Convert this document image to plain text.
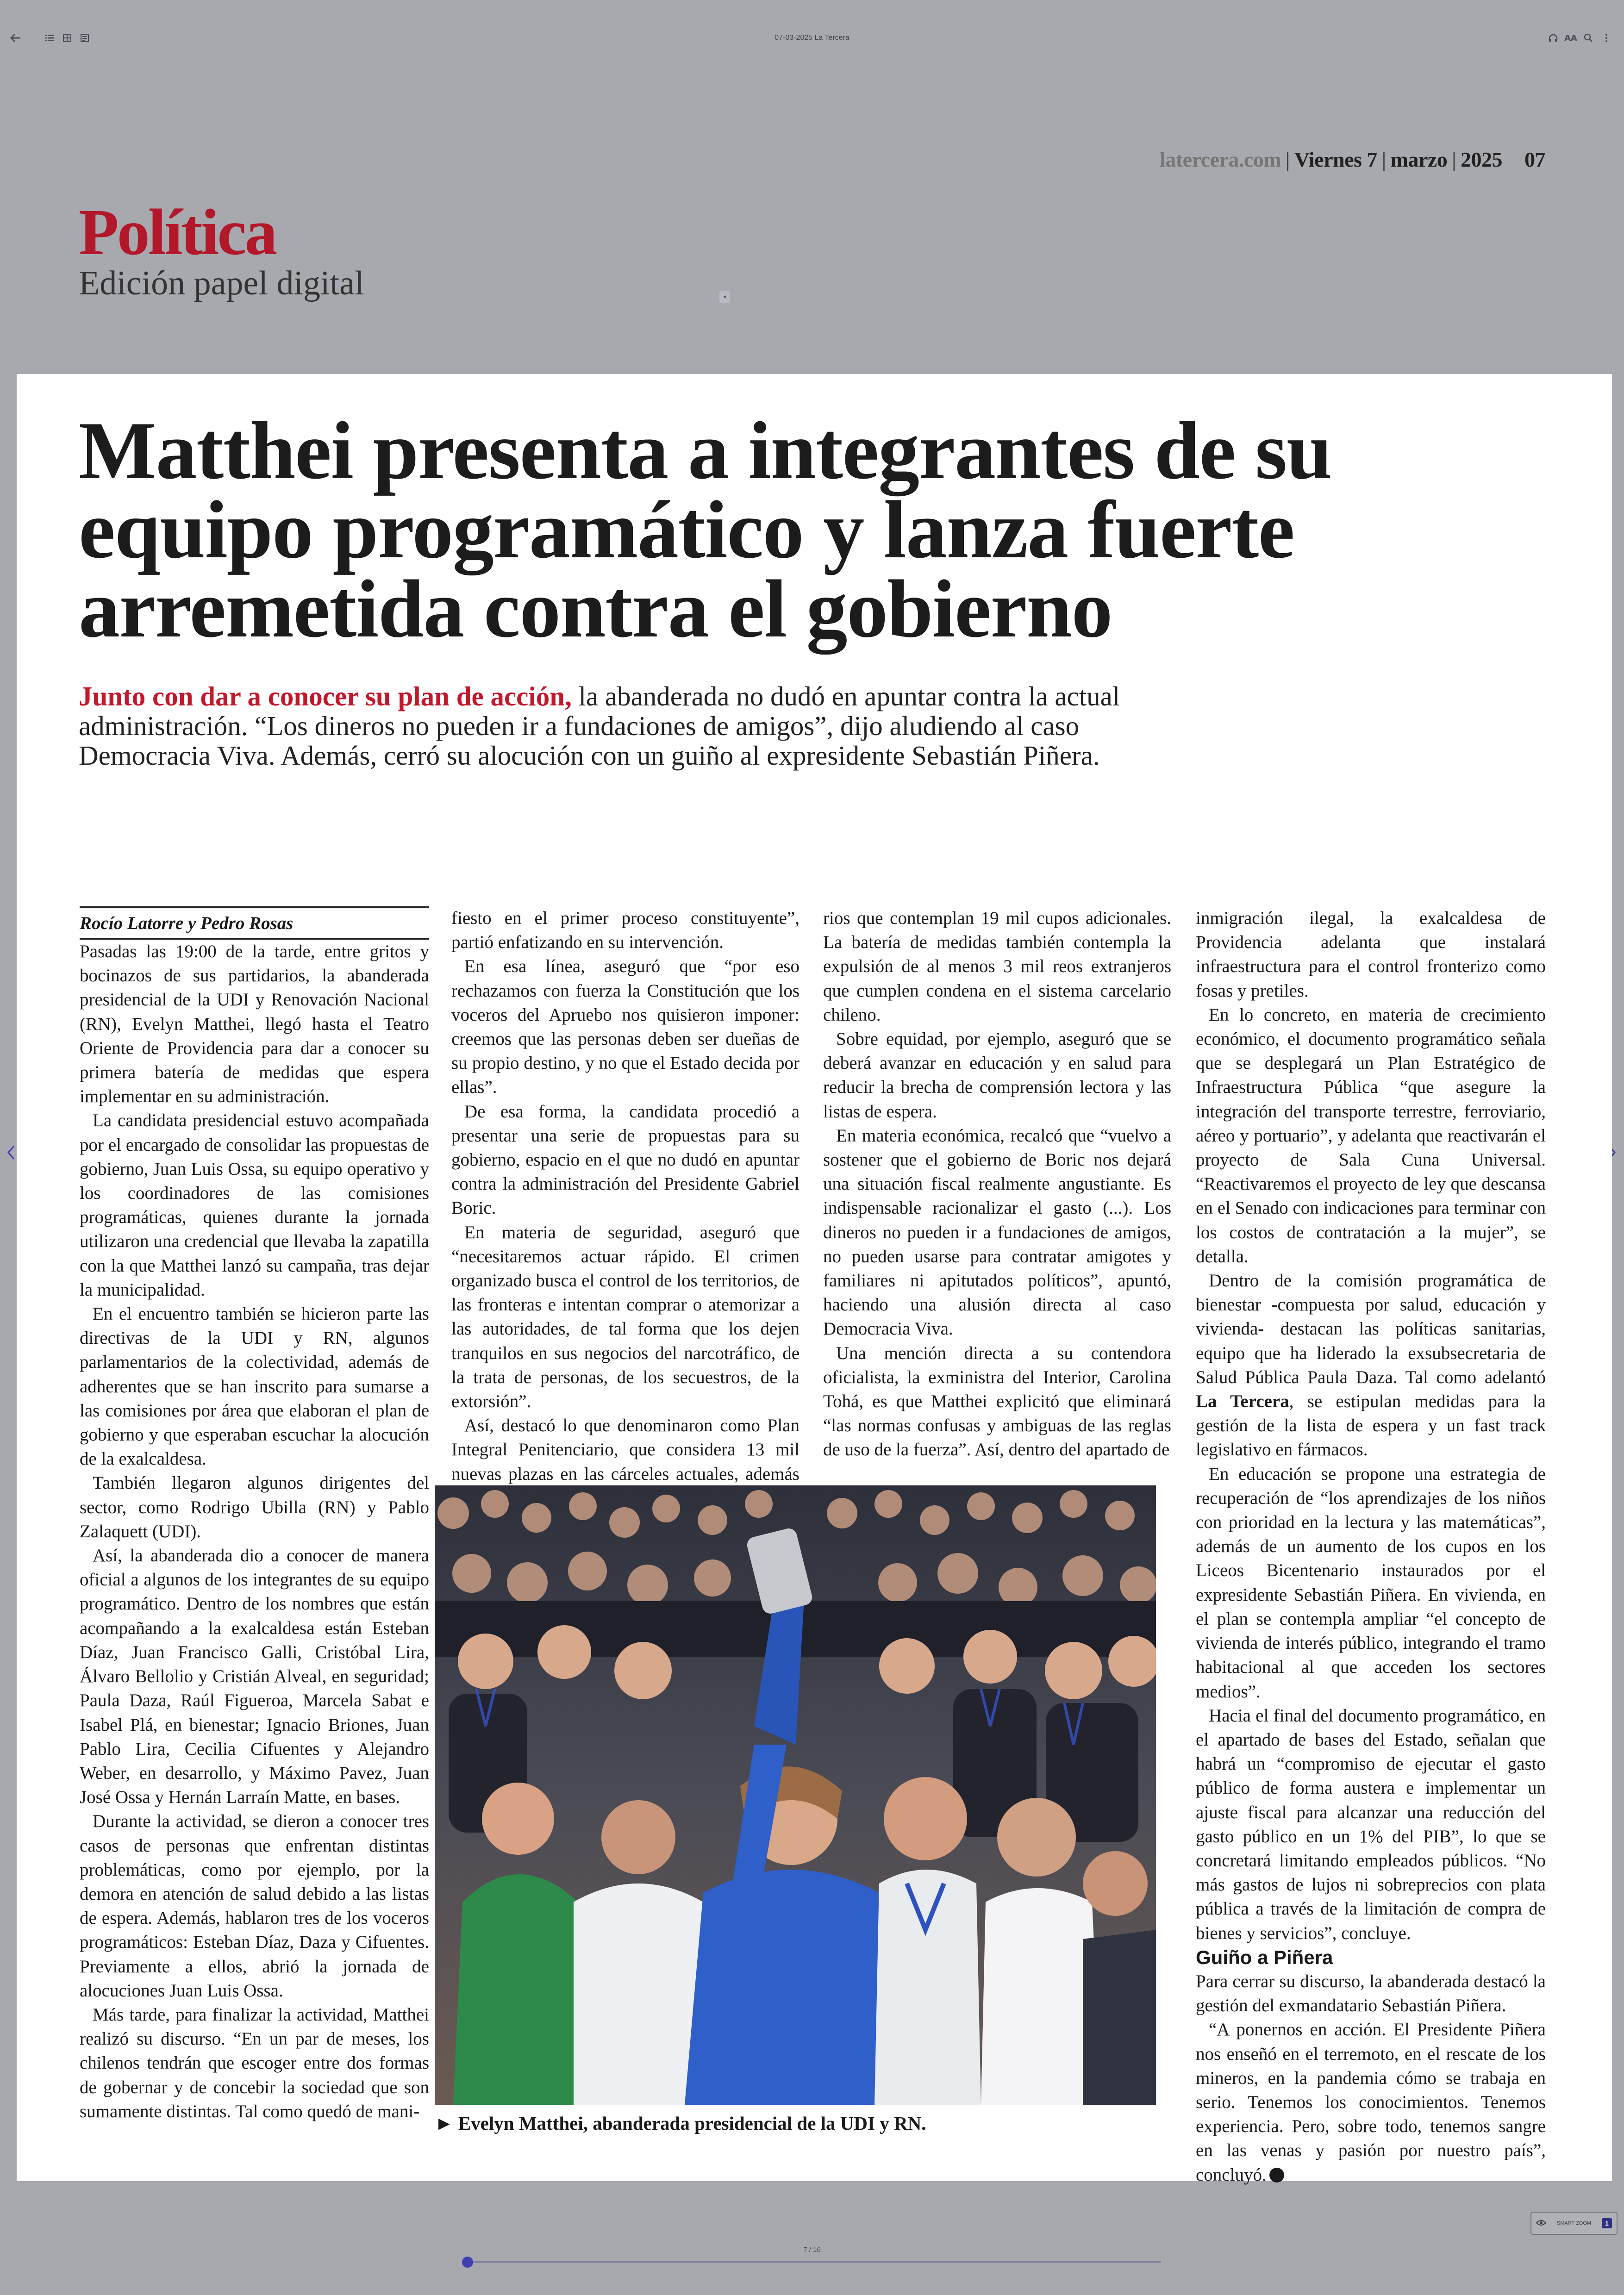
07-03-2025 La Tercera	AA
latercera.com | Viernes 7 | marzo | 2025 07
Política
Edición papel digital	◂
Matthei presenta a integrantes de su equipo programático y lanza fuerte arremetida contra el gobierno

Junto con dar a conocer su plan de acción, la abanderada no dudó en apuntar contra la actual administración. “Los dineros no pueden ir a fundaciones de amigos”, dijo aludiendo al caso Democracia Viva. Además, cerró su alocución con un guiño al expresidente Sebastián Piñera.

Rocío Latorre y Pedro Rosas

Pasadas las 19:00 de la tarde, entre gritos y bocinazos de sus partidarios, la abanderada presidencial de la UDI y Renovación Nacional (RN), Evelyn Matthei, llegó hasta el Teatro Oriente de Providencia para dar a conocer su primera batería de medidas que espera implementar en su administración.

La candidata presidencial estuvo acompañada por el encargado de consolidar las propuestas de gobierno, Juan Luis Ossa, su equipo operativo y los coordinadores de las comisiones programáticas, quienes durante la jornada utilizaron una credencial que llevaba la zapatilla con la que Matthei lanzó su campaña, tras dejar la municipalidad.

En el encuentro también se hicieron parte las directivas de la UDI y RN, algunos parlamentarios de la colectividad, además de adherentes que se han inscrito para sumarse a las comisiones por área que elaboran el plan de gobierno y que esperaban escuchar la alocución de la exalcaldesa.

También llegaron algunos dirigentes del sector, como Rodrigo Ubilla (RN) y Pablo Zalaquett (UDI).

Así, la abanderada dio a conocer de manera oficial a algunos de los integrantes de su equipo programático. Dentro de los nombres que están acompañando a la exalcaldesa están Esteban Díaz, Juan Francisco Galli, Cristóbal Lira, Álvaro Bellolio y Cristián Alveal, en seguridad; Paula Daza, Raúl Figueroa, Marcela Sabat e Isabel Plá, en bienestar; Ignacio Briones, Juan Pablo Lira, Cecilia Cifuentes y Alejandro Weber, en desarrollo, y Máximo Pavez, Juan José Ossa y Hernán Larraín Matte, en bases.

Durante la actividad, se dieron a conocer tres casos de personas que enfrentan distintas problemáticas, como por ejemplo, por la demora en atención de salud debido a las listas de espera. Además, hablaron tres de los voceros programáticos: Esteban Díaz, Daza y Cifuentes. Previamente a ellos, abrió la jornada de alocuciones Juan Luis Ossa.

Más tarde, para finalizar la actividad, Matthei realizó su discurso. “En un par de meses, los chilenos tendrán que escoger entre dos formas de gobernar y de concebir la sociedad que son sumamente distintas. Tal como quedó de mani-

fiesto en el primer proceso constituyente”, partió enfatizando en su intervención.

En esa línea, aseguró que “por eso rechazamos con fuerza la Constitución que los voceros del Apruebo nos quisieron imponer: creemos que las personas deben ser dueñas de su propio destino, y no que el Estado decida por ellas”.

De esa forma, la candidata procedió a presentar una serie de propuestas para su gobierno, espacio en el que no dudó en apuntar contra la administración del Presidente Gabriel Boric.

En materia de seguridad, aseguró que “necesitaremos actuar rápido. El crimen organizado busca el control de los territorios, de las fronteras e intentan comprar o atemorizar a las autoridades, de tal forma que los dejen tranquilos en sus negocios del narcotráfico, de la trata de personas, de los secuestros, de la extorsión”.

Así, destacó lo que denominaron como Plan Integral Penitenciario, que considera 13 mil nuevas plazas en las cárceles actuales, además

rios que contemplan 19 mil cupos adicionales. La batería de medidas también contempla la expulsión de al menos 3 mil reos extranjeros que cumplen condena en el sistema carcelario chileno.

Sobre equidad, por ejemplo, aseguró que se deberá avanzar en educación y en salud para reducir la brecha de comprensión lectora y las listas de espera.

En materia económica, recalcó que “vuelvo a sostener que el gobierno de Boric nos dejará una situación fiscal realmente angustiante. Es indispensable racionalizar el gasto (...). Los dineros no pueden ir a fundaciones de amigos, no pueden usarse para contratar amigotes y familiares ni apitutados políticos”, apuntó, haciendo una alusión directa al caso Democracia Viva.

Una mención directa a su contendora oficialista, la exministra del Interior, Carolina Tohá, es que Matthei explicitó que eliminará “las normas confusas y ambiguas de las reglas de uso de la fuerza”. Así, dentro del apartado de

inmigración ilegal, la exalcaldesa de Providencia adelanta que instalará infraestructura para el control fronterizo como fosas y pretiles.

En lo concreto, en materia de crecimiento económico, el documento programático señala que se desplegará un Plan Estratégico de Infraestructura Pública “que asegure la integración del transporte terrestre, ferroviario, aéreo y portuario”, y adelanta que reactivarán el proyecto de Sala Cuna Universal. “Reactivaremos el proyecto de ley que descansa en el Senado con indicaciones para terminar con los costos de contratación a la mujer”, se detalla.

Dentro de la comisión programática de bienestar -compuesta por salud, educación y vivienda- destacan las políticas sanitarias, equipo que ha liderado la exsubsecretaria de Salud Pública Paula Daza. Tal como adelantó La Tercera, se estipulan medidas para la gestión de la lista de espera y un fast track legislativo en fármacos.

En educación se propone una estrategia de recuperación de “los aprendizajes de los niños con prioridad en la lectura y las matemáticas”, además de un aumento de los cupos en los Liceos Bicentenario instaurados por el expresidente Sebastián Piñera. En vivienda, en el plan se contempla ampliar “el concepto de vivienda de interés público, integrando el tramo habitacional al que acceden los sectores medios”.

Hacia el final del documento programático, en el apartado de bases del Estado, señalan que habrá un “compromiso de ejecutar el gasto público de forma austera e implementar un ajuste fiscal para alcanzar una reducción del gasto público en un 1% del PIB”, lo que se concretará limitando empleados públicos. “No más gastos de lujos ni sobreprecios con plata pública a través de la limitación de compra de bienes y servicios”, concluye.

Guiño a Piñera

Para cerrar su discurso, la abanderada destacó la gestión del exmandatario Sebastián Piñera.

“A ponernos en acción. El Presidente Piñera nos enseñó en el terremoto, en el rescate de los mineros, en la pandemia cómo se trabaja en serio. Tenemos los conocimientos. Tenemos experiencia. Pero, sobre todo, tenemos sangre en las venas y pasión por nuestro país”, concluyó.

► Evelyn Matthei, abanderada presidencial de la UDI y RN.
7 / 16
SMART ZOOM	1
